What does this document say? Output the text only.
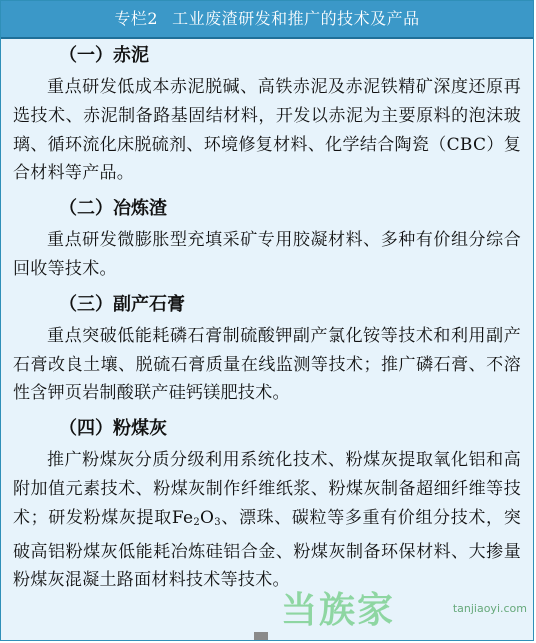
专栏2 工业废渣研发和推广的技术及产品
（一）赤泥

重点研发低成本赤泥脱碱、高铁赤泥及赤泥铁精矿深度还原再选技术、赤泥制备路基固结材料，开发以赤泥为主要原料的泡沫玻璃、循环流化床脱硫剂、环境修复材料、化学结合陶瓷（CBC）复合材料等产品。

（二）冶炼渣

重点研发微膨胀型充填采矿专用胶凝材料、多种有价组分综合回收等技术。

（三）副产石膏

重点突破低能耗磷石膏制硫酸钾副产氯化铵等技术和利用副产石膏改良土壤、脱硫石膏质量在线监测等技术；推广磷石膏、不溶性含钾页岩制酸联产硅钙镁肥技术。

（四）粉煤灰

推广粉煤灰分质分级利用系统化技术、粉煤灰提取氧化铝和高附加值元素技术、粉煤灰制作纤维纸浆、粉煤灰制备超细纤维等技术；研发粉煤灰提取$Fe_2O_3$、漂珠、碳粒等多重有价组分技术，突破高铝粉煤灰低能耗冶炼硅铝合金、粉煤灰制备环保材料、大掺量粉煤灰混凝土路面材料技术等技术。

当族家	tanjiaoyi.com
